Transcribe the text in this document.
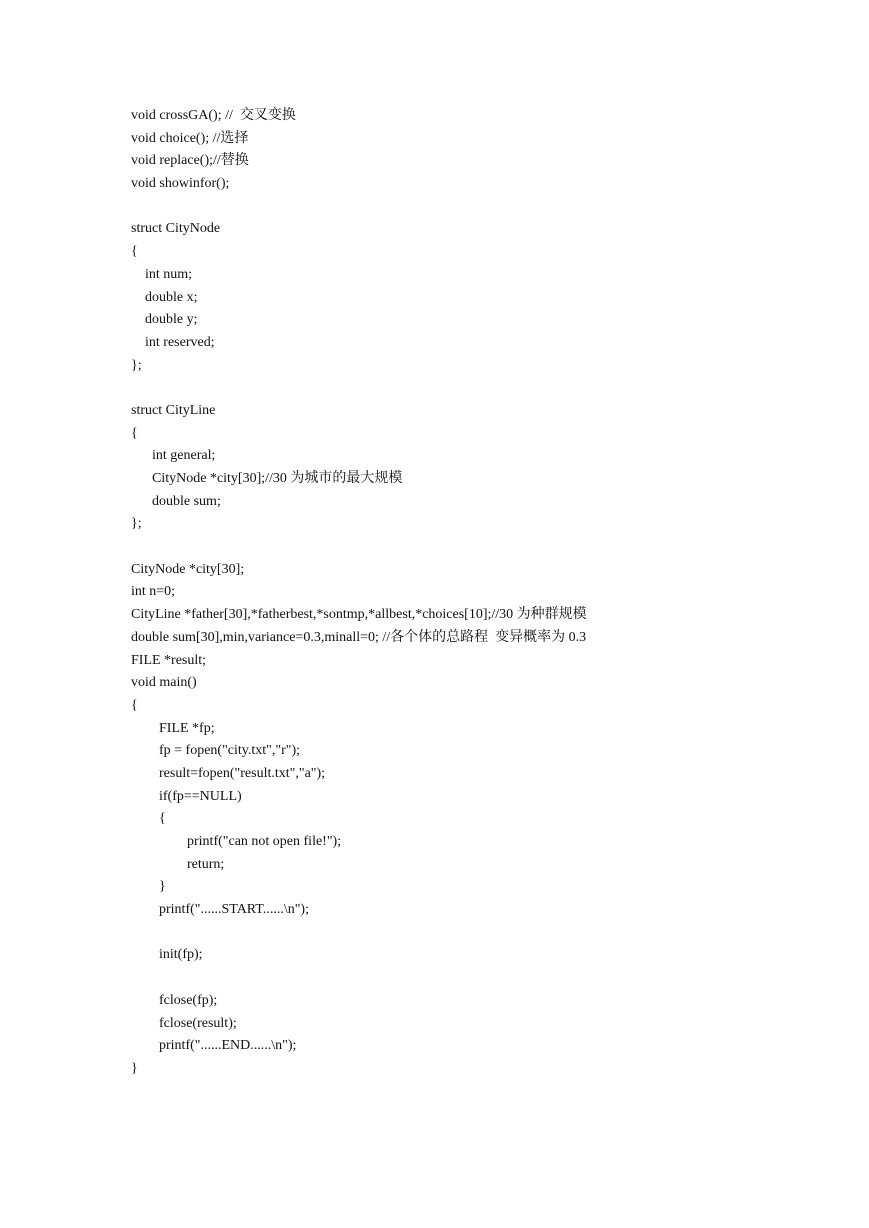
void crossGA(); //  交叉变换
void choice(); //选择
void replace();//替换
void showinfor();
struct CityNode
{
int num;
double x;
double y;
int reserved;
};
struct CityLine
{
int general;
CityNode *city[30];//30 为城市的最大规模
double sum;
};
CityNode *city[30];
int n=0;
CityLine *father[30],*fatherbest,*sontmp,*allbest,*choices[10];//30 为种群规模
double sum[30],min,variance=0.3,minall=0; //各个体的总路程  变异概率为 0.3
FILE *result;
void main()
{
FILE *fp;
fp = fopen("city.txt","r");
result=fopen("result.txt","a");
if(fp==NULL)
{
printf("can not open file!");
return;
}
printf("......START......\n");
init(fp);
fclose(fp);
fclose(result);
printf("......END......\n");
}
